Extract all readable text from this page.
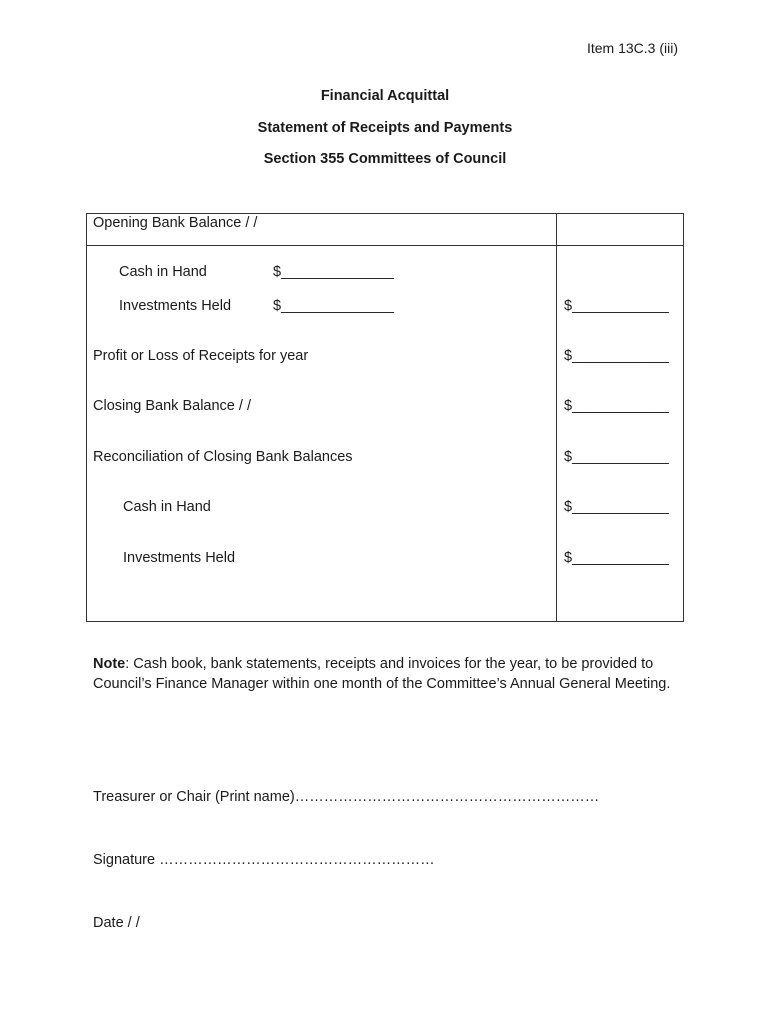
Item 13C.3 (iii)
Financial Acquittal
Statement of Receipts and Payments
Section 355 Committees of Council
Opening Bank Balance / /
Cash in Hand	$______________
Investments Held	$______________	$____________
Profit or Loss of Receipts for year	$____________
Closing Bank Balance / /	$____________
Reconciliation of Closing Bank Balances	$____________
Cash in Hand	$____________
Investments Held	$____________
Note: Cash book, bank statements, receipts and invoices for the year, to be provided to Council’s Finance Manager within one month of the Committee’s Annual General Meeting.
Treasurer or Chair (Print name)………………………………………………………
Signature …………………………………………………
Date / /
